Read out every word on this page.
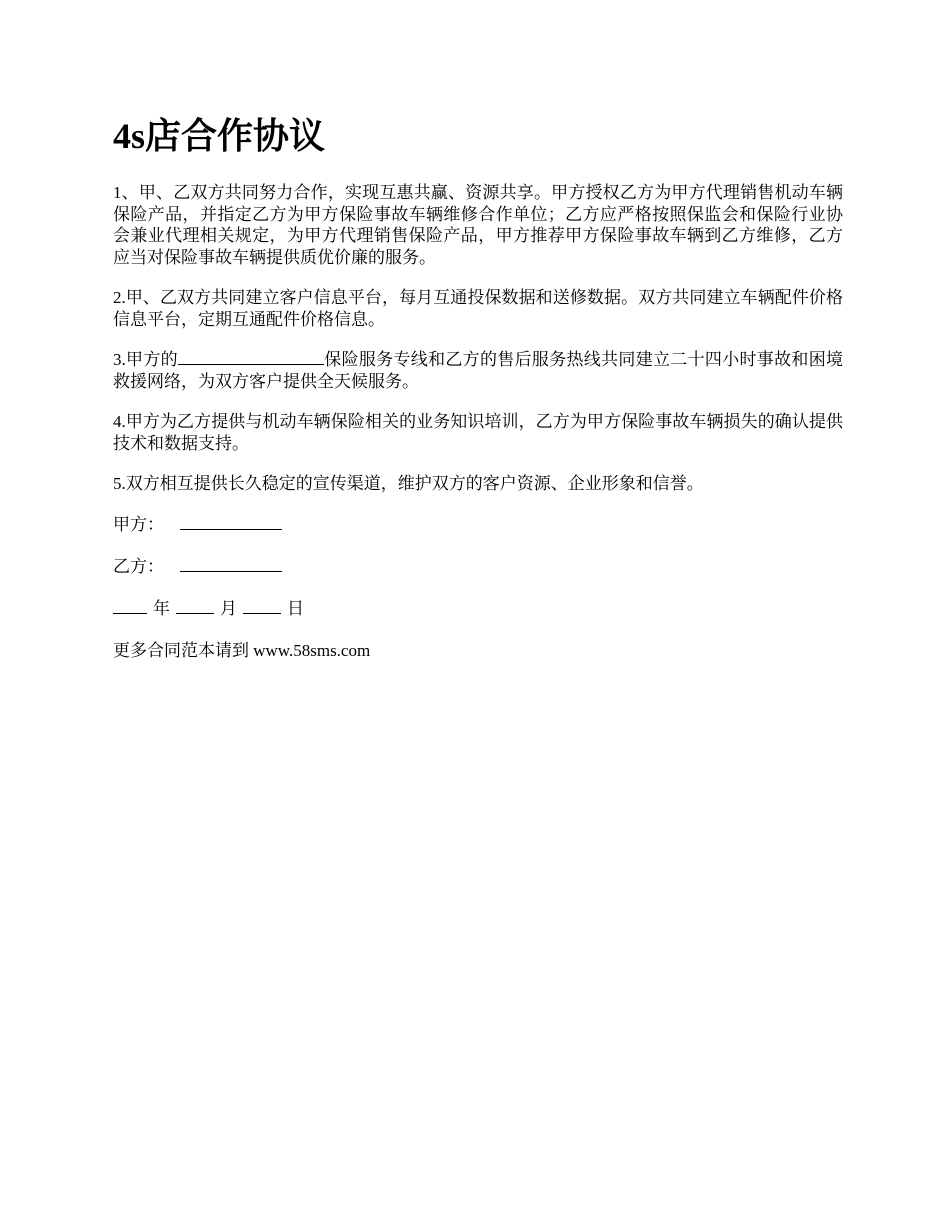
4s店合作协议

1、甲、乙双方共同努力合作，实现互惠共赢、资源共享。甲方授权乙方为甲方代理销售机动车辆保险产品，并指定乙方为甲方保险事故车辆维修合作单位；乙方应严格按照保监会和保险行业协会兼业代理相关规定，为甲方代理销售保险产品，甲方推荐甲方保险事故车辆到乙方维修，乙方应当对保险事故车辆提供质优价廉的服务。

2.甲、乙双方共同建立客户信息平台，每月互通投保数据和送修数据。双方共同建立车辆配件价格信息平台，定期互通配件价格信息。

3.甲方的	保险服务专线和乙方的售后服务热线共同建立二十四小时事故和困境救援网络，为双方客户提供全天候服务。

4.甲方为乙方提供与机动车辆保险相关的业务知识培训，乙方为甲方保险事故车辆损失的确认提供技术和数据支持。

5.双方相互提供长久稳定的宣传渠道，维护双方的客户资源、企业形象和信誉。

甲方：
乙方：
年	月	日
更多合同范本请到 www.58sms.com
